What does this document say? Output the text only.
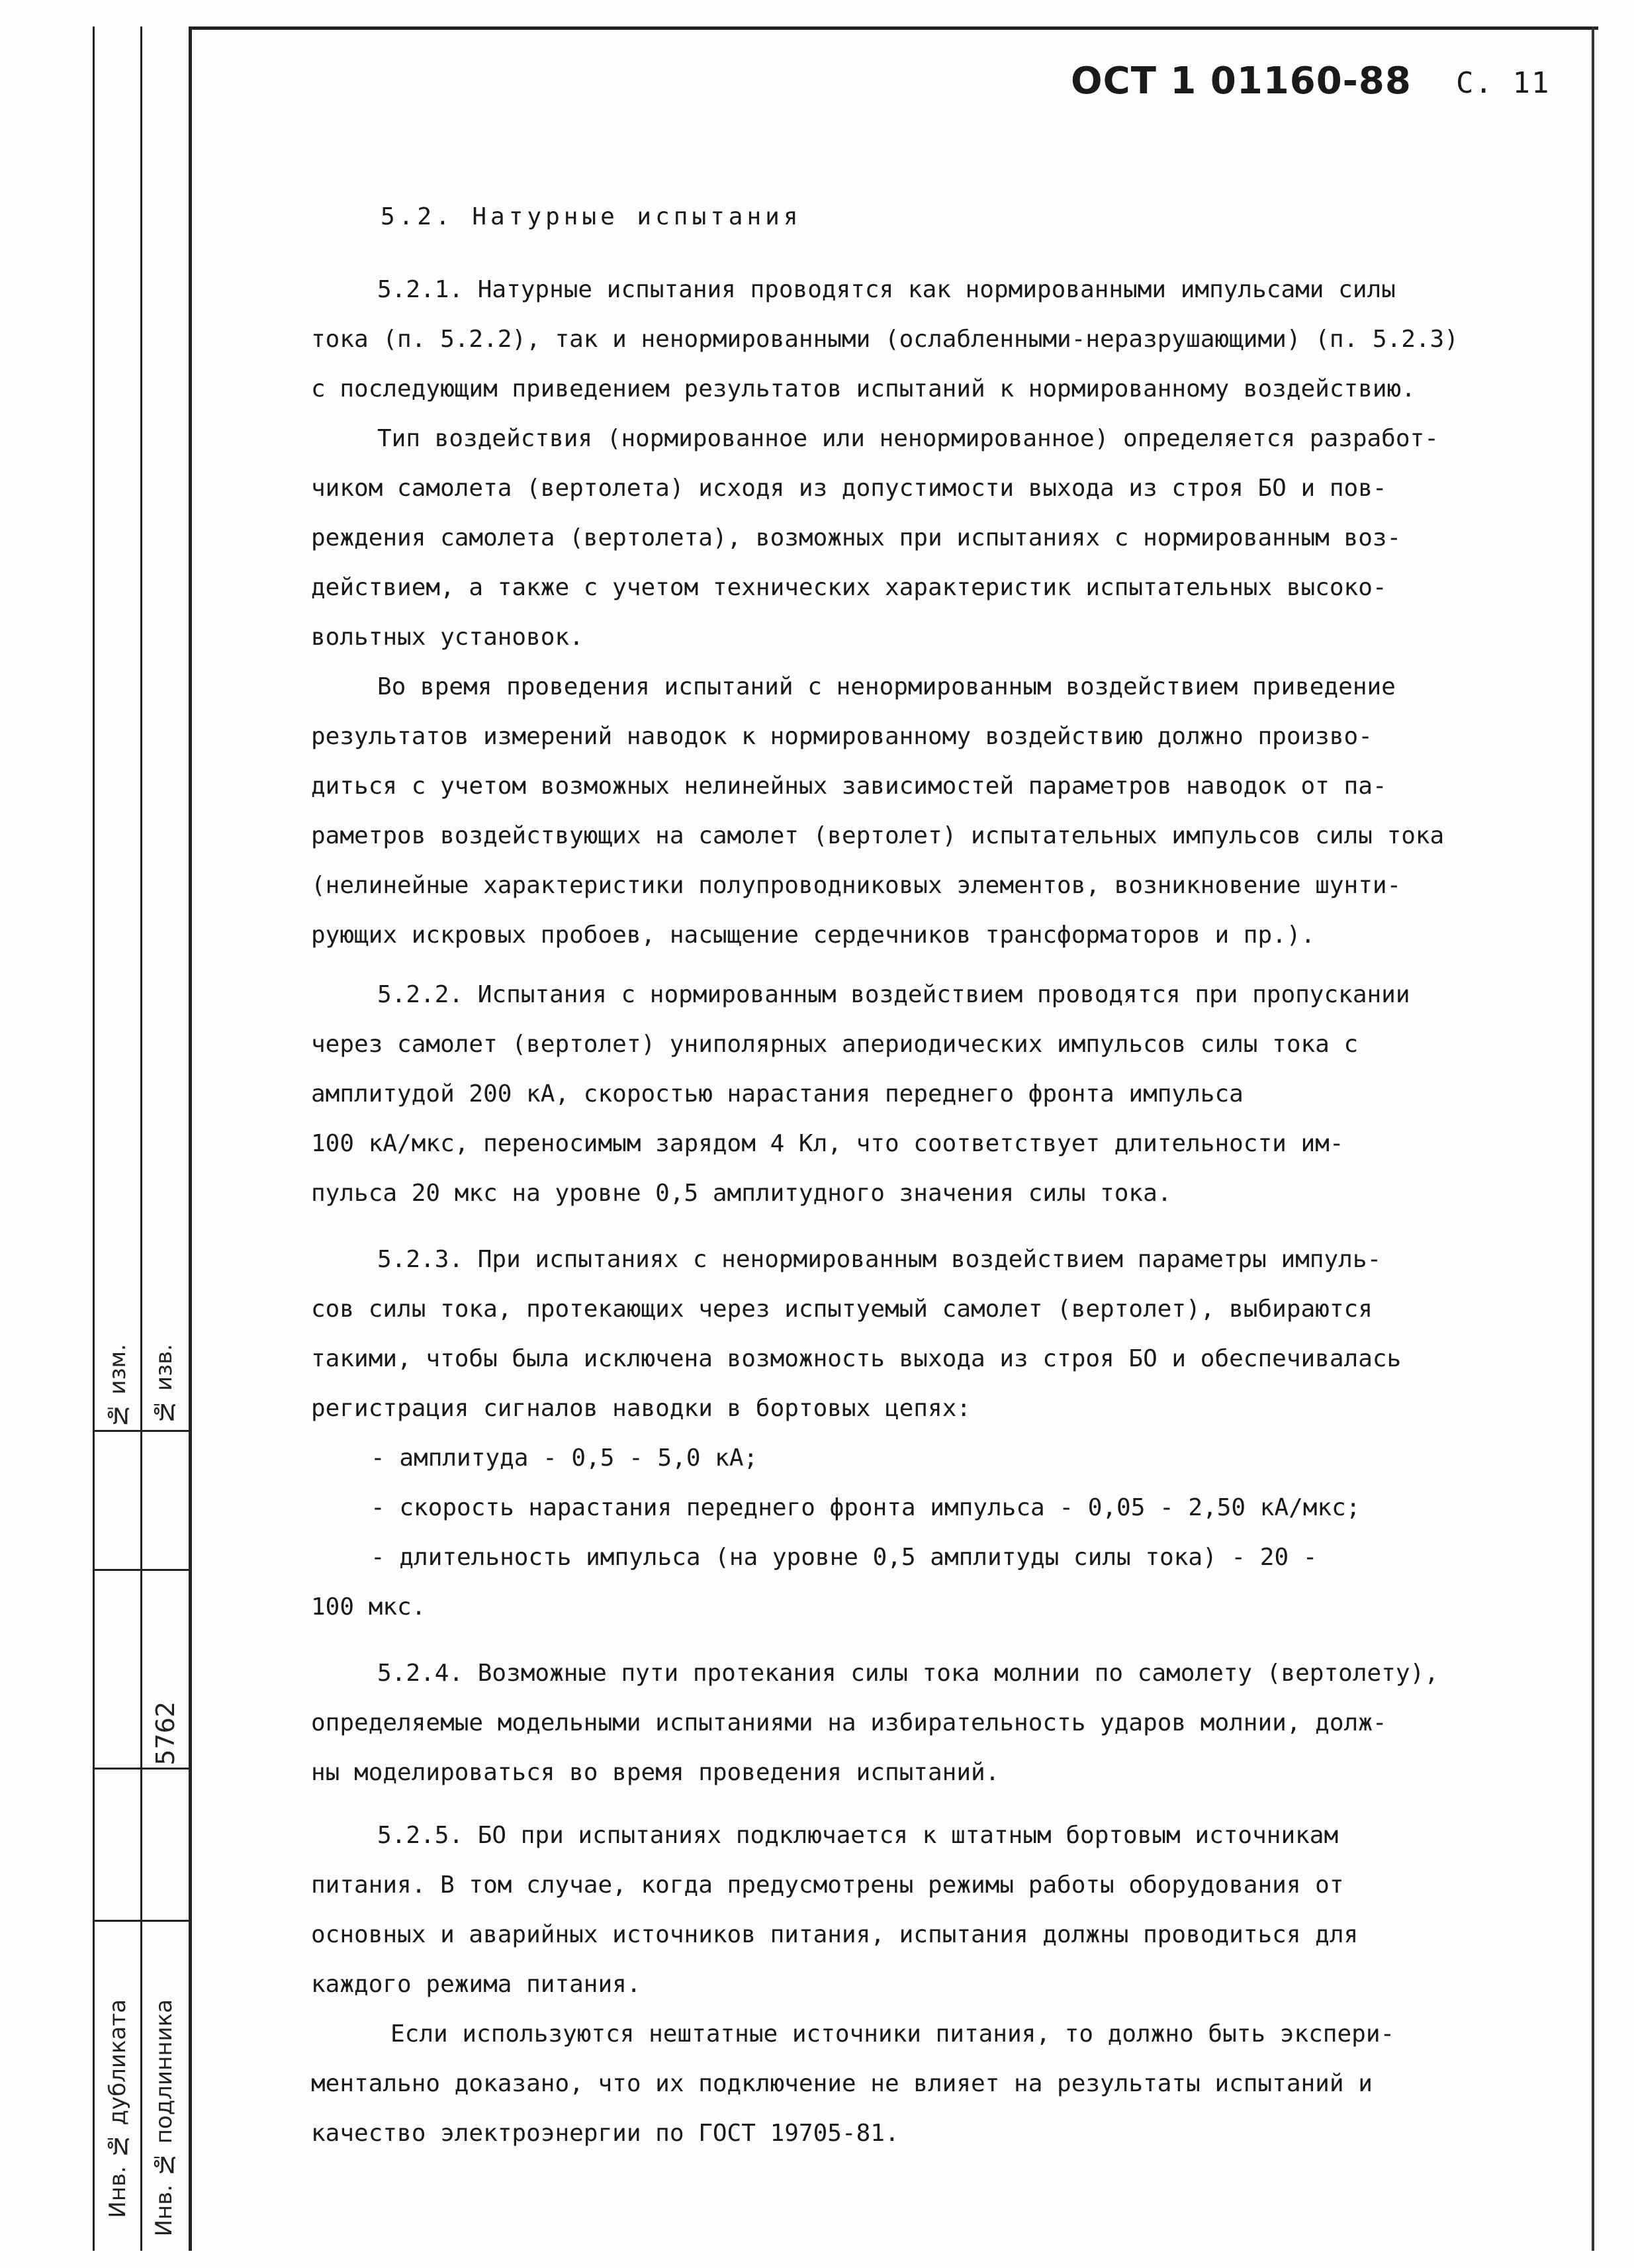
№ изм. № изв.
5762
Инв. № дубликата Инв. № подлинника
ОСТ 1 01160-88 С. 11
5.2. Натурные испытания
5.2.1. Натурные испытания проводятся как нормированными импульсами силы
тока (п. 5.2.2), так и ненормированными (ослабленными-неразрушающими) (п. 5.2.3)
с последующим приведением результатов испытаний к нормированному воздействию.
Тип воздействия (нормированное или ненормированное) определяется разработ-
чиком самолета (вертолета) исходя из допустимости выхода из строя БО и пов-
реждения самолета (вертолета), возможных при испытаниях с нормированным воз-
действием, а также с учетом технических характеристик испытательных высоко-
вольтных установок.
Во время проведения испытаний с ненормированным воздействием приведение
результатов измерений наводок к нормированному воздействию должно произво-
диться с учетом возможных нелинейных зависимостей параметров наводок от па-
раметров воздействующих на самолет (вертолет) испытательных импульсов силы тока
(нелинейные характеристики полупроводниковых элементов, возникновение шунти-
рующих искровых пробоев, насыщение сердечников трансформаторов и пр.).
5.2.2. Испытания с нормированным воздействием проводятся при пропускании
через самолет (вертолет) униполярных апериодических импульсов силы тока с
амплитудой 200 кА, скоростью нарастания переднего фронта импульса
100 кА/мкс, переносимым зарядом 4 Кл, что соответствует длительности им-
пульса 20 мкс на уровне 0,5 амплитудного значения силы тока.
5.2.3. При испытаниях с ненормированным воздействием параметры импуль-
сов силы тока, протекающих через испытуемый самолет (вертолет), выбираются
такими, чтобы была исключена возможность выхода из строя БО и обеспечивалась
регистрация сигналов наводки в бортовых цепях:
- амплитуда - 0,5 - 5,0 кА;
- скорость нарастания переднего фронта импульса - 0,05 - 2,50 кА/мкс;
- длительность импульса (на уровне 0,5 амплитуды силы тока) - 20 -
100 мкс.
5.2.4. Возможные пути протекания силы тока молнии по самолету (вертолету),
определяемые модельными испытаниями на избирательность ударов молнии, долж-
ны моделироваться во время проведения испытаний.
5.2.5. БО при испытаниях подключается к штатным бортовым источникам
питания. В том случае, когда предусмотрены режимы работы оборудования от
основных и аварийных источников питания, испытания должны проводиться для
каждого режима питания.
Если используются нештатные источники питания, то должно быть экспери-
ментально доказано, что их подключение не влияет на результаты испытаний и
качество электроэнергии по ГОСТ 19705-81.
